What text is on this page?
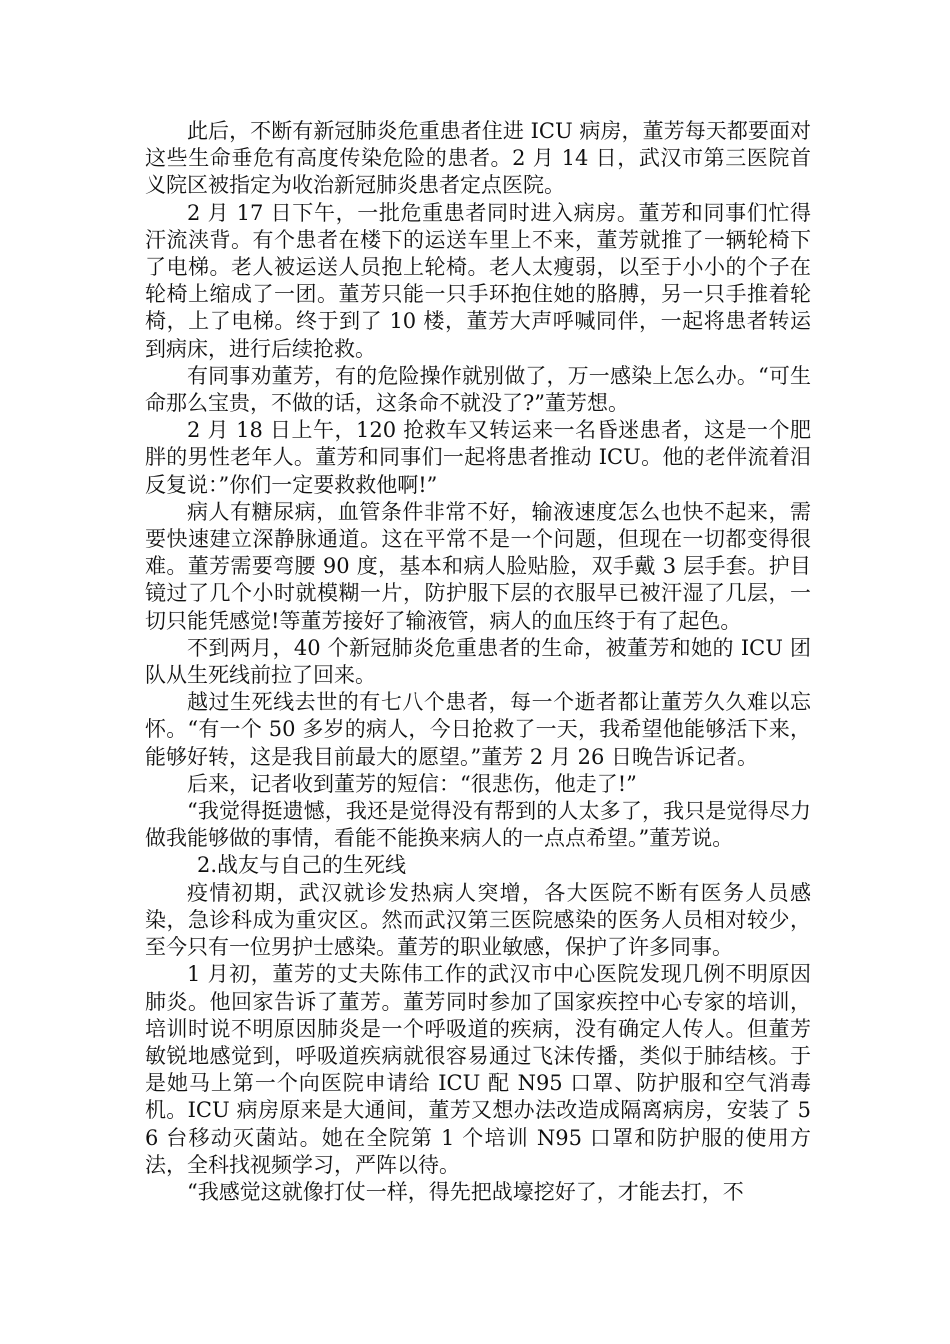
此后，不断有新冠肺炎危重患者住进 ICU 病房，董芳每天都要面对这些生命垂危有高度传染危险的患者。2 月 14 日，武汉市第三医院首义院区被指定为收治新冠肺炎患者定点医院。

2 月 17 日下午，一批危重患者同时进入病房。董芳和同事们忙得汗流浃背。有个患者在楼下的运送车里上不来，董芳就推了一辆轮椅下了电梯。老人被运送人员抱上轮椅。老人太瘦弱，以至于小小的个子在轮椅上缩成了一团。董芳只能一只手环抱住她的胳膊，另一只手推着轮椅，上了电梯。终于到了 10 楼，董芳大声呼喊同伴，一起将患者转运到病床，进行后续抢救。

有同事劝董芳，有的危险操作就别做了，万一感染上怎么办。“可生命那么宝贵，不做的话，这条命不就没了?”董芳想。

2 月 18 日上午，120 抢救车又转运来一名昏迷患者，这是一个肥胖的男性老年人。董芳和同事们一起将患者推动 ICU。他的老伴流着泪反复说：”你们一定要救救他啊!”

病人有糖尿病，血管条件非常不好，输液速度怎么也快不起来，需要快速建立深静脉通道。这在平常不是一个问题，但现在一切都变得很难。董芳需要弯腰 90 度，基本和病人脸贴脸，双手戴 3 层手套。护目镜过了几个小时就模糊一片，防护服下层的衣服早已被汗湿了几层，一切只能凭感觉!等董芳接好了输液管，病人的血压终于有了起色。

不到两月，40 个新冠肺炎危重患者的生命，被董芳和她的 ICU 团队从生死线前拉了回来。

越过生死线去世的有七八个患者，每一个逝者都让董芳久久难以忘怀。“有一个 50 多岁的病人，今日抢救了一天，我希望他能够活下来，能够好转，这是我目前最大的愿望。”董芳 2 月 26 日晚告诉记者。

后来，记者收到董芳的短信：“很悲伤，他走了!”

“我觉得挺遗憾，我还是觉得没有帮到的人太多了，我只是觉得尽力做我能够做的事情，看能不能换来病人的一点点希望。”董芳说。

2.战友与自己的生死线

疫情初期，武汉就诊发热病人突增，各大医院不断有医务人员感染，急诊科成为重灾区。然而武汉第三医院感染的医务人员相对较少，至今只有一位男护士感染。董芳的职业敏感，保护了许多同事。

1 月初，董芳的丈夫陈伟工作的武汉市中心医院发现几例不明原因肺炎。他回家告诉了董芳。董芳同时参加了国家疾控中心专家的培训，培训时说不明原因肺炎是一个呼吸道的疾病，没有确定人传人。但董芳敏锐地感觉到，呼吸道疾病就很容易通过飞沫传播，类似于肺结核。于是她马上第一个向医院申请给 ICU 配 N95 口罩、防护服和空气消毒机。ICU 病房原来是大通间，董芳又想办法改造成隔离病房，安装了 56 台移动灭菌站。她在全院第 1 个培训 N95 口罩和防护服的使用方法，全科找视频学习，严阵以待。

“我感觉这就像打仗一样，得先把战壕挖好了，才能去打，不
